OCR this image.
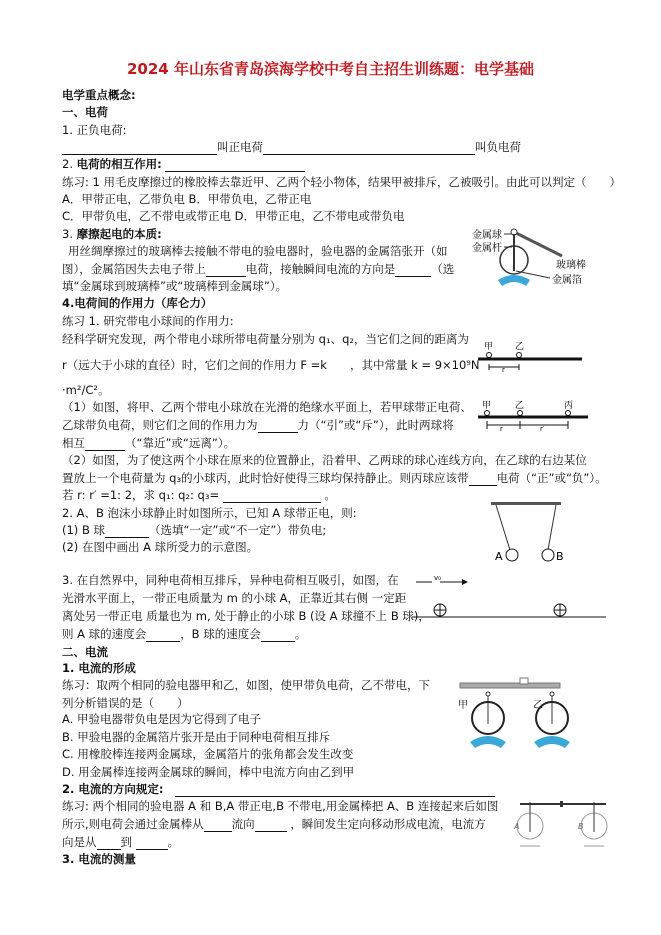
2024 年山东省青岛滨海学校中考自主招生训练题：电学基础
电学重点概念:
一、电荷
1. 正负电荷:
叫正电荷	叫负电荷
2. 电荷的相互作用:
练习: 1 用毛皮摩擦过的橡胶棒去靠近甲、乙两个轻小物体，结果甲被排斥，乙被吸引。由此可以判定（　　）
A．甲带正电，乙带负电 B．甲带负电，乙带正电
C．甲带负电，乙不带电或带正电 D．甲带正电，乙不带电或带负电
3. 摩擦起电的本质:
用丝绸摩擦过的玻璃棒去接触不带电的验电器时，验电器的金属箔张开（如
图），金属箔因失去电子带上	电荷，接触瞬间电流的方向是	（选
填“金属球到玻璃棒”或“玻璃棒到金属球”）。
金属球
金属杆
玻璃棒
金属箔
4.电荷间的作用力（库仑力）
练习 1. 研究带电小球间的作用力:
经科学研究发现，两个带电小球所带电荷量分别为 q₁、q₂，当它们之间的距离为
r（远大于小球的直径）时，它们之间的作用力 F =k　　，其中常量 k = 9×10⁹N
·m²/C²。
甲 乙
r
（1）如图，将甲、乙两个带电小球放在光滑的绝缘水平面上，若甲球带正电荷、
乙球带负电荷，则它们之间的作用力为	力（“引”或“斥”），此时两球将
相互	（“靠近”或“远离”）。
甲	乙	丙
r	r′
（2）如图，为了使这两个小球在原来的位置静止，沿着甲、乙两球的球心连线方向，在乙球的右边某位
置放上一个电荷量为 q₃的小球丙，此时恰好使得三球均保持静止。则丙球应该带 电荷（“正”或“负”）。
若 r: r′ =1: 2，求 q₁: q₂: q₃=	。
2. A、B 泡沫小球静止时如图所示，已知 A 球带正电，则:
(1) B 球	（选填“一定”或“不一定”）带负电;
(2) 在图中画出 A 球所受力的示意图。
A	B
3. 在自然界中，同种电荷相互排斥，异种电荷相互吸引，如图，在
光滑水平面上，一带正电质量为 m 的小球 A，正靠近其右侧 一定距
离处另一带正电 质量也为 m, 处于静止的小球 B (设 A 球撞不上 B 球)，
则 A 球的速度会	，B 球的速度会	。
v₀
二、电流
1. 电流的形成
练习：取两个相同的验电器甲和乙，如图，使甲带负电荷，乙不带电，下
列分析错误的是（　　）
A. 甲验电器带负电是因为它得到了电子
B. 甲验电器的金属箔片张开是由于同种电荷相互排斥
C. 用橡胶棒连接两金属球，金属箔片的张角都会发生改变
D. 用金属棒连接两金属球的瞬间，棒中电流方向由乙到甲
甲	乙
2. 电流的方向规定:
练习: 两个相同的验电器 A 和 B,A 带正电,B 不带电,用金属棒把 A、B 连接起来后如图
所示,则电荷会通过金属棒从 流向	，瞬间发生定向移动形成电流，电流方
向是从 到	。
A	B
3. 电流的测量
